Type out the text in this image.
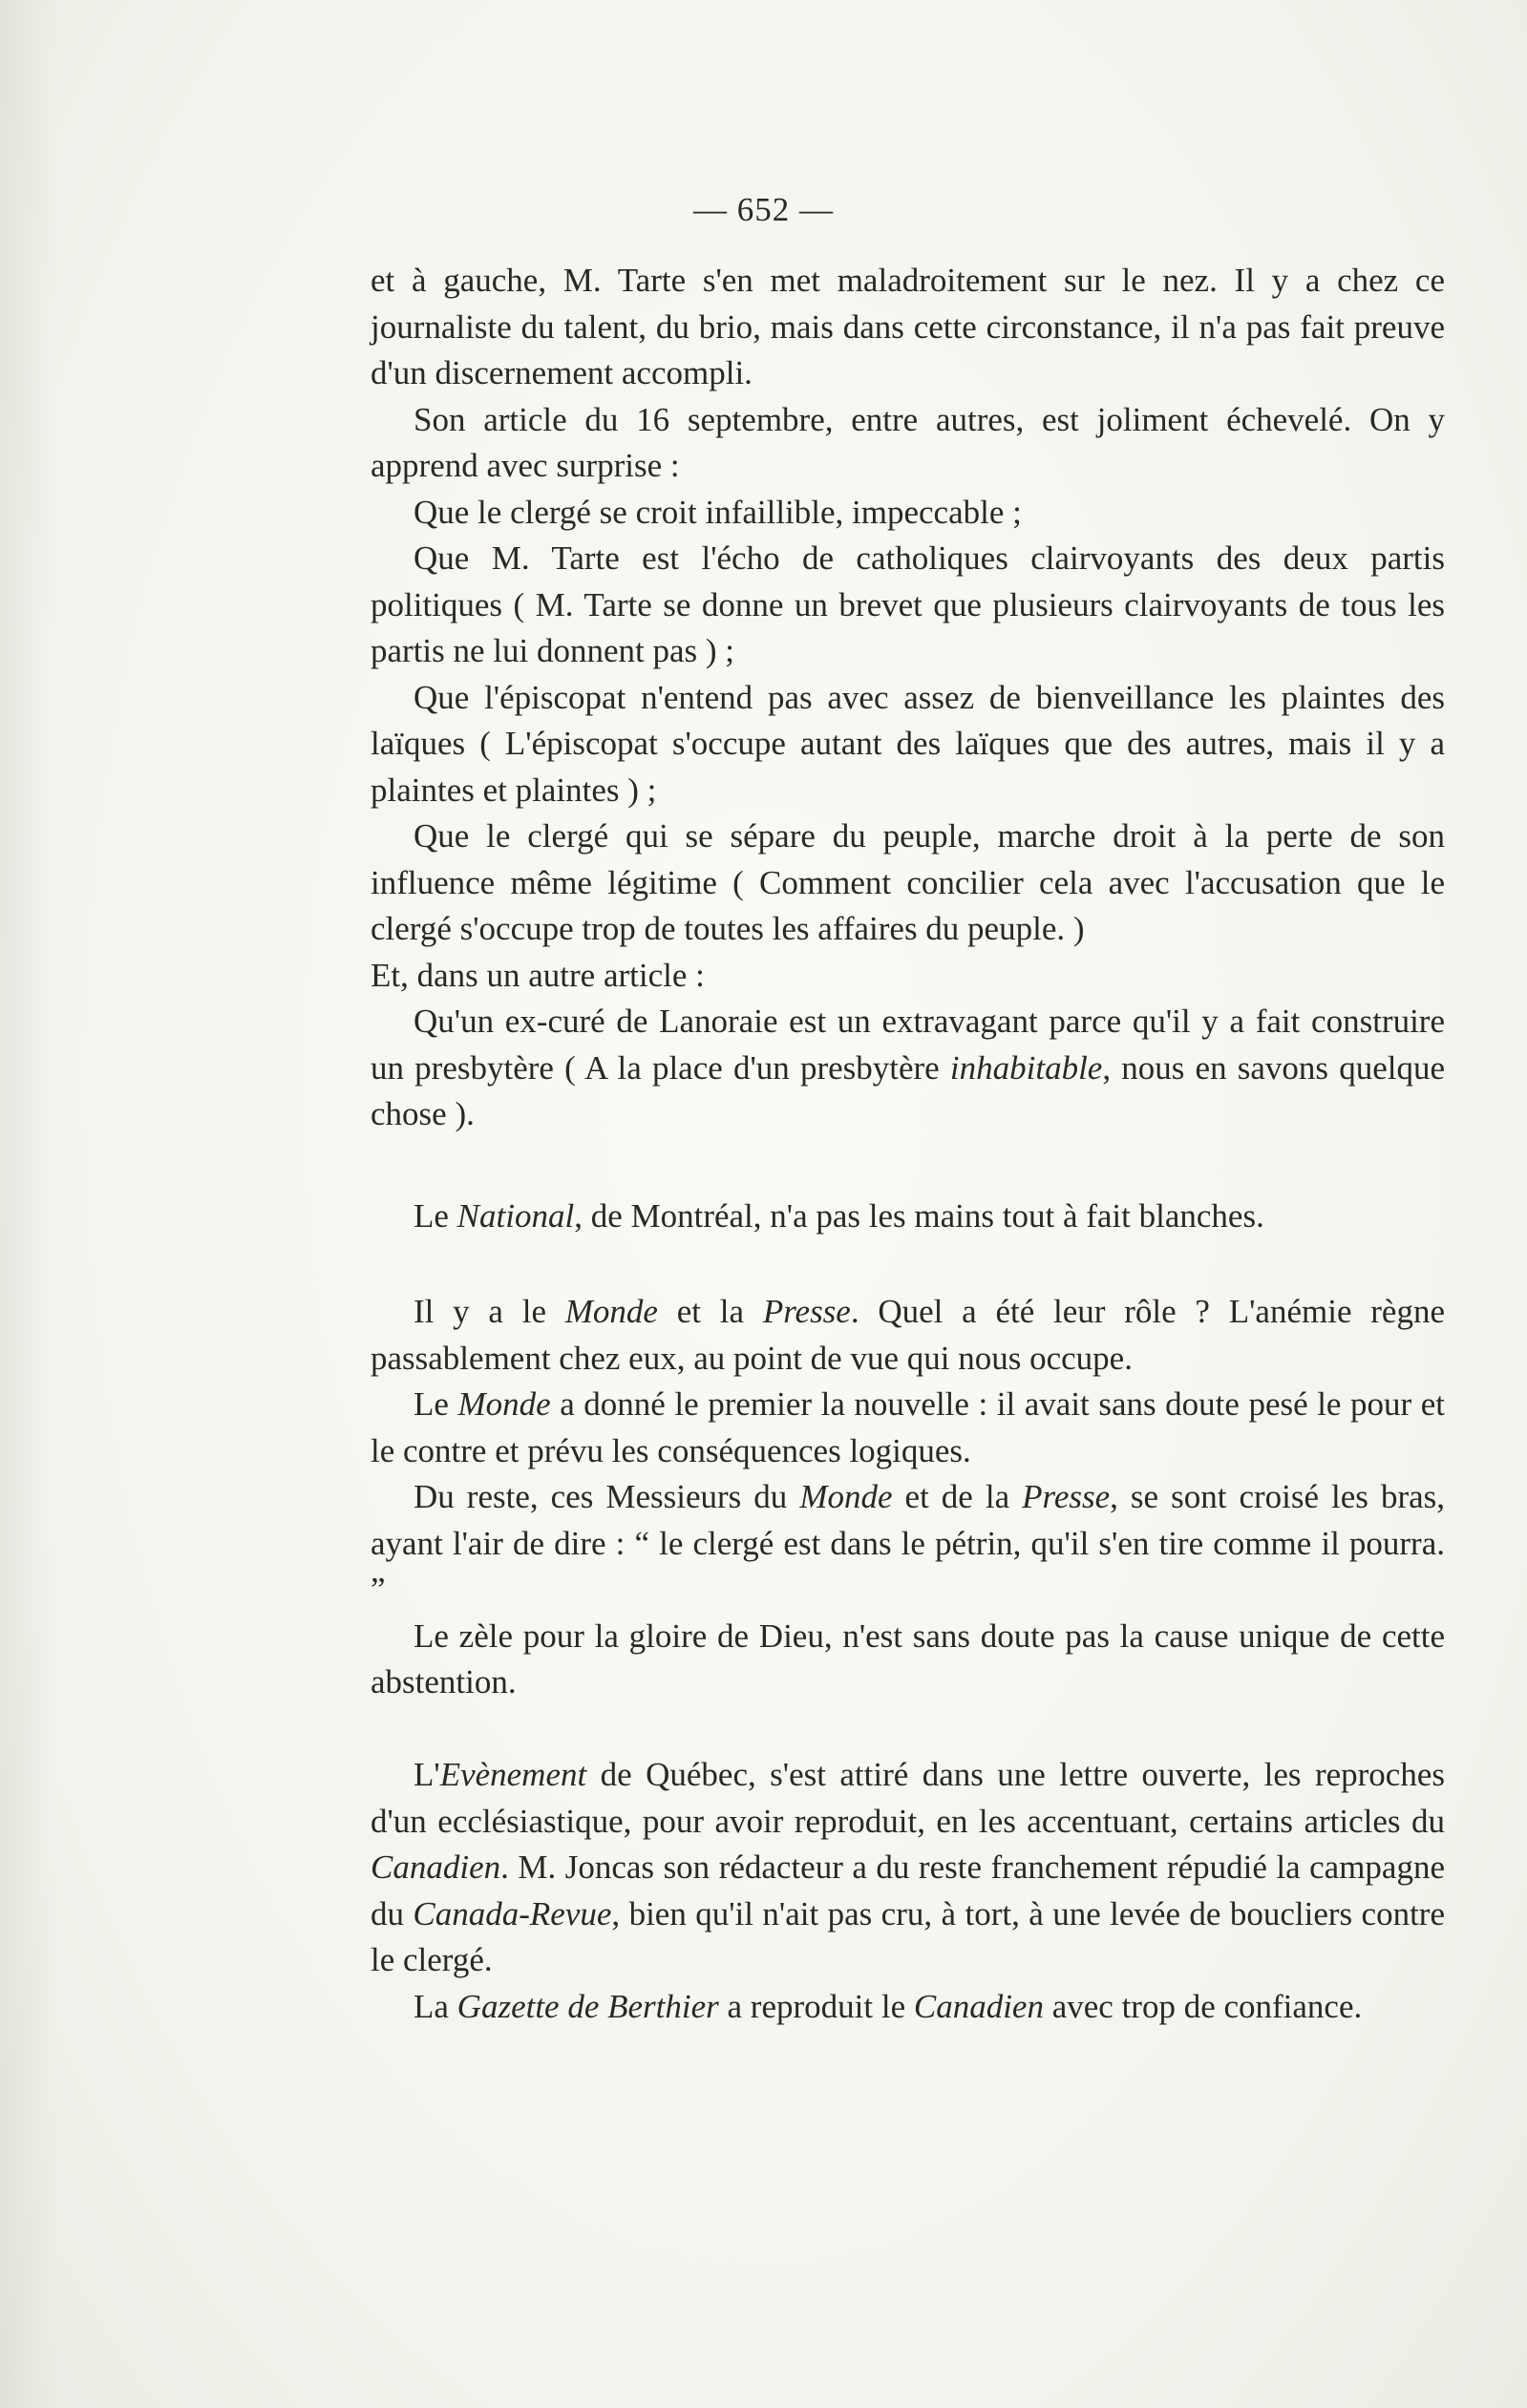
— 652 —

et à gauche, M. Tarte s'en met maladroitement sur le nez. Il y a chez ce journaliste du talent, du brio, mais dans cette circonstance, il n'a pas fait preuve d'un discernement accompli.

Son article du 16 septembre, entre autres, est joliment échevelé. On y apprend avec surprise :

Que le clergé se croit infaillible, impeccable ;

Que M. Tarte est l'écho de catholiques clairvoyants des deux partis politiques ( M. Tarte se donne un brevet que plusieurs clairvoyants de tous les partis ne lui donnent pas ) ;

Que l'épiscopat n'entend pas avec assez de bienveillance les plaintes des laïques ( L'épiscopat s'occupe autant des laïques que des autres, mais il y a plaintes et plaintes ) ;

Que le clergé qui se sépare du peuple, marche droit à la perte de son influence même légitime ( Comment concilier cela avec l'accusation que le clergé s'occupe trop de toutes les affaires du peuple. )

Et, dans un autre article :

Qu'un ex-curé de Lanoraie est un extravagant parce qu'il y a fait construire un presbytère ( A la place d'un presbytère inhabitable, nous en savons quelque chose ).

Le National, de Montréal, n'a pas les mains tout à fait blanches.

Il y a le Monde et la Presse. Quel a été leur rôle ? L'anémie règne passablement chez eux, au point de vue qui nous occupe.

Le Monde a donné le premier la nouvelle : il avait sans doute pesé le pour et le contre et prévu les conséquences logiques.

Du reste, ces Messieurs du Monde et de la Presse, se sont croisé les bras, ayant l'air de dire : “ le clergé est dans le pétrin, qu'il s'en tire comme il pourra. ”

Le zèle pour la gloire de Dieu, n'est sans doute pas la cause unique de cette abstention.

L'Evènement de Québec, s'est attiré dans une lettre ouverte, les reproches d'un ecclésiastique, pour avoir reproduit, en les accentuant, certains articles du Canadien. M. Joncas son rédacteur a du reste franchement répudié la campagne du Canada-Revue, bien qu'il n'ait pas cru, à tort, à une levée de boucliers contre le clergé.

La Gazette de Berthier a reproduit le Canadien avec trop de confiance.
